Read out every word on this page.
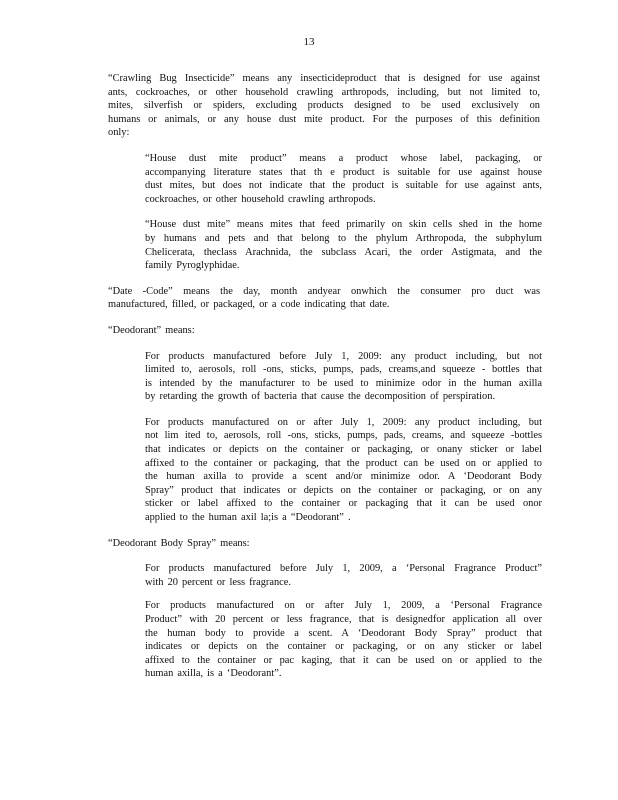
13
“Crawling Bug Insecticide” means any insecticideproduct that is designed for use against
ants, cockroaches, or other household crawling arthropods, including, but not limited to,
mites, silverfish or spiders, excluding products designed to be used exclusively on
humans or animals, or any house dust mite product. For the purposes of this definition
only:
“House dust mite product” means a product whose label, packaging, or
accompanying literature states that th e product is suitable for use against house
dust mites, but does not indicate that the product is suitable for use against ants,
cockroaches, or other household crawling arthropods.
“House dust mite” means mites that feed primarily on skin cells shed in the home
by humans and pets and that belong to the phylum Arthropoda, the subphylum
Chelicerata, theclass Arachnida, the subclass Acari, the order Astigmata, and the
family Pyroglyphidae.
“Date -Code” means the day, month andyear onwhich the consumer pro duct was
manufactured, filled, or packaged, or a code indicating that date.
“Deodorant” means:
For products manufactured before July 1, 2009: any product including, but not
limited to, aerosols, roll -ons, sticks, pumps, pads, creams,and squeeze - bottles that
is intended by the manufacturer to be used to minimize odor in the human axilla
by retarding the growth of bacteria that cause the decomposition of perspiration.
For products manufactured on or after July 1, 2009: any product including, but
not lim ited to, aerosols, roll -ons, sticks, pumps, pads, creams, and squeeze -bottles
that indicates or depicts on the container or packaging, or onany sticker or label
affixed to the container or packaging, that the product can be used on or applied to
the human axilla to provide a scent and/or minimize odor. A ‘Deodorant Body
Spray” product that indicates or depicts on the container or packaging, or on any
sticker or label affixed to the container or packaging that it can be used onor
applied to the human axil la;is a “Deodorant” .
“Deodorant Body Spray” means:
For products manufactured before July 1, 2009, a ‘Personal Fragrance Product”
with 20 percent or less fragrance.
For products manufactured on or after July 1, 2009, a ‘Personal Fragrance
Product” with 20 percent or less fragrance, that is designedfor application all over
the human body to provide a scent. A ‘Deodorant Body Spray” product that
indicates or depicts on the container or packaging, or on any sticker or label
affixed to the container or pac kaging, that it can be used on or applied to the
human axilla, is a ‘Deodorant”.
